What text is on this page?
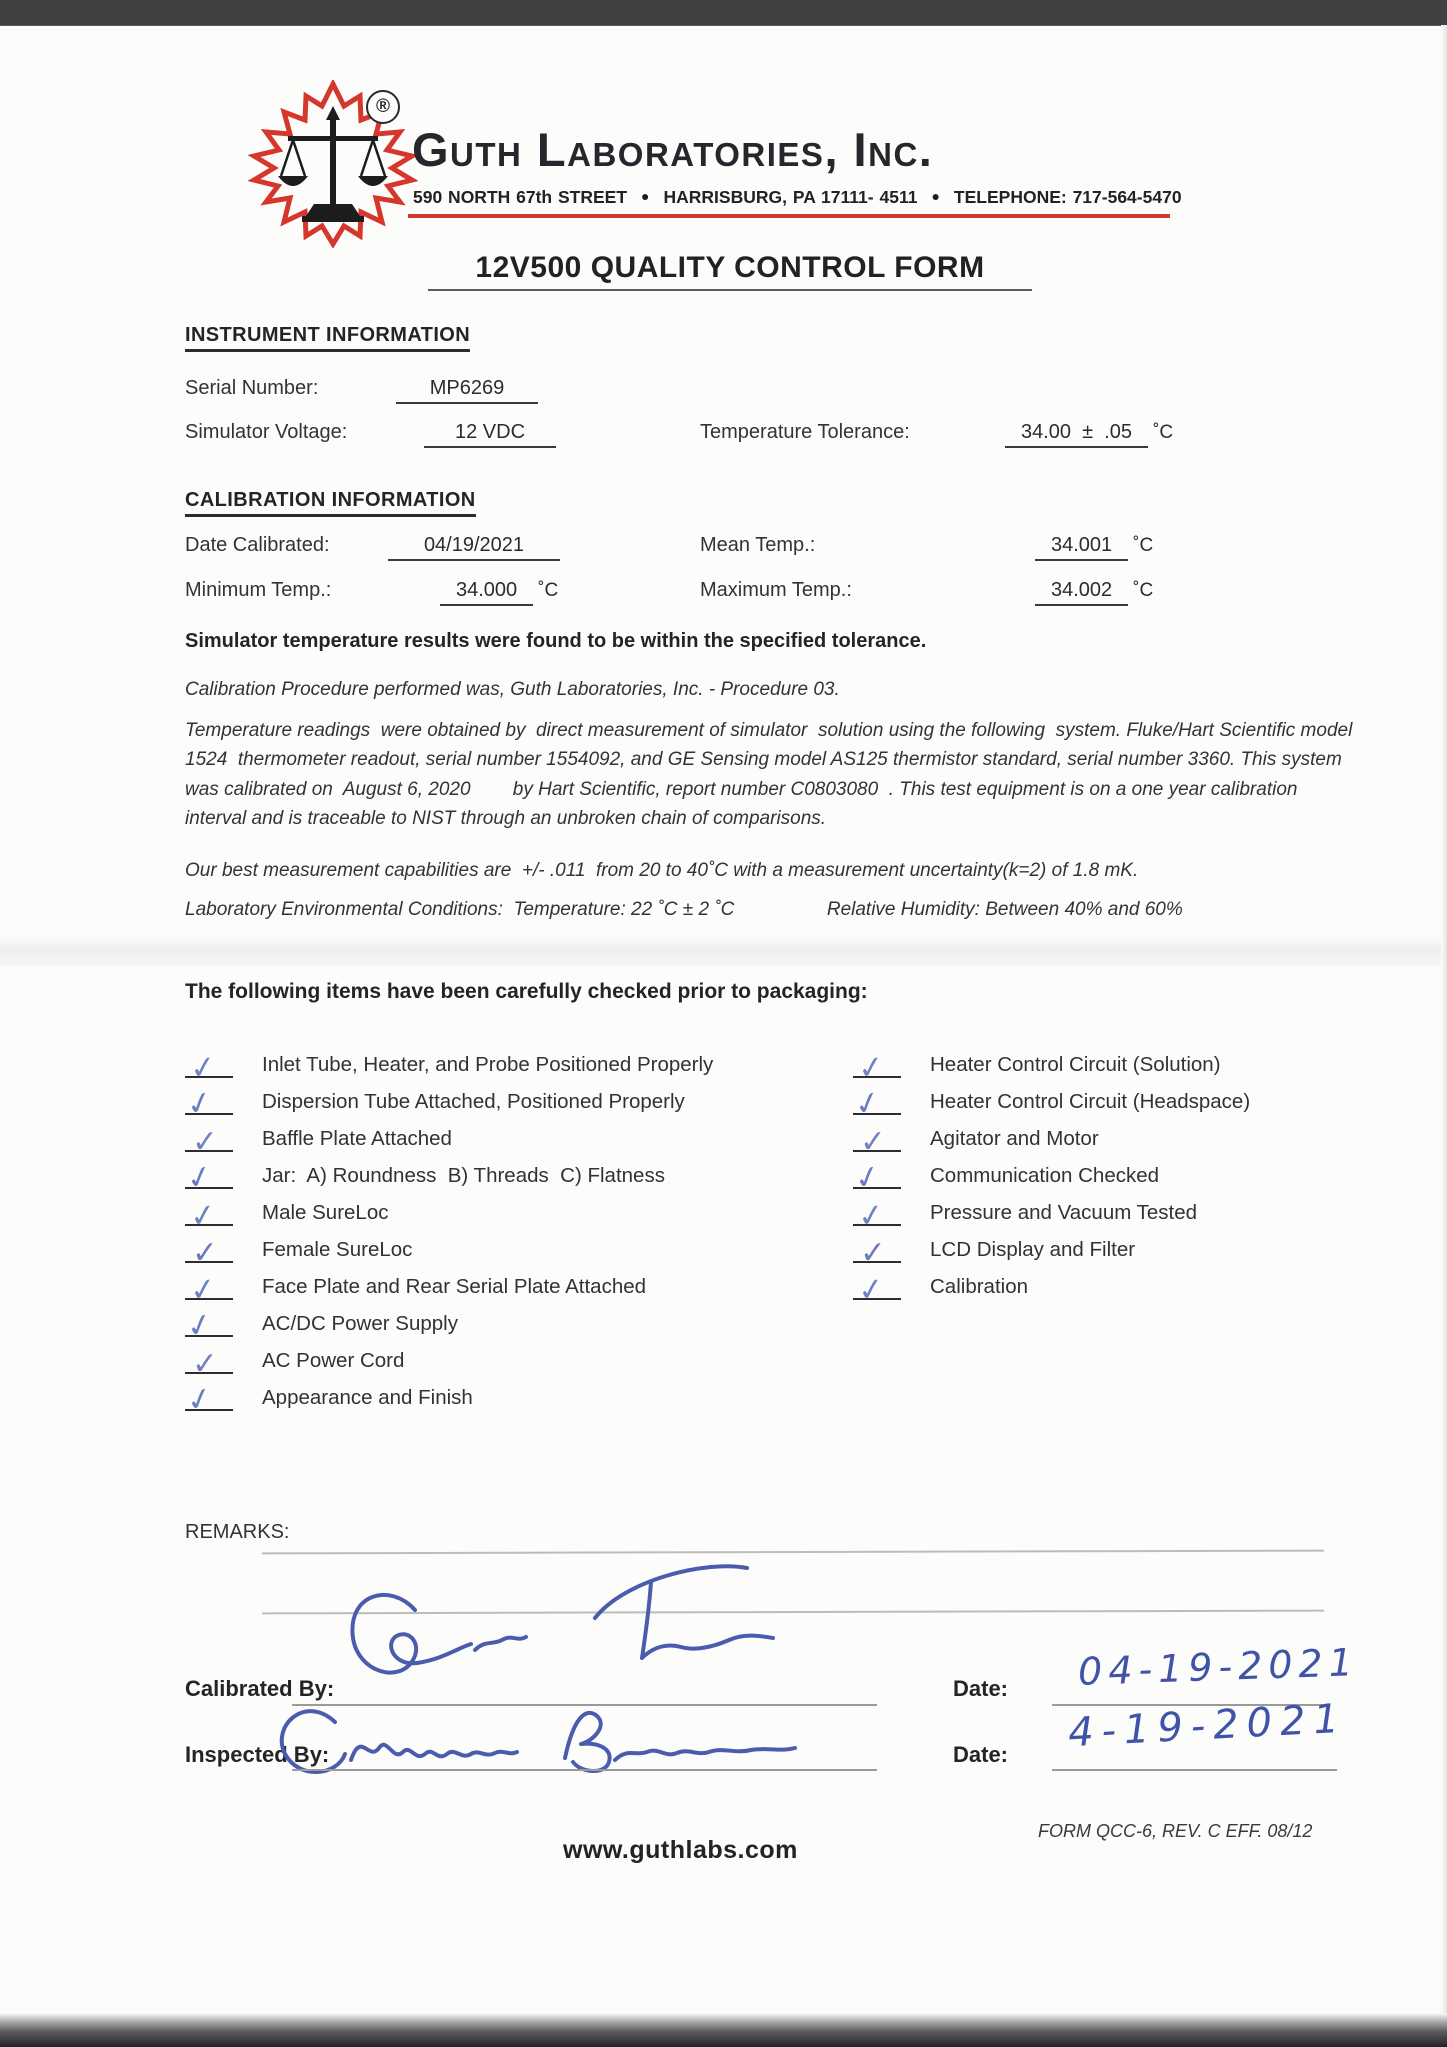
®
Guth Laboratories, Inc.
590 NORTH 67th STREET ● HARRISBURG, PA 17111- 4511 ● TELEPHONE: 717-564-5470
12V500 QUALITY CONTROL FORM
INSTRUMENT INFORMATION
Serial Number:	MP6269
Simulator Voltage:	12 VDC	Temperature Tolerance:	34.00  ±  .05 ˚C
CALIBRATION INFORMATION
Date Calibrated:	04/19/2021	Mean Temp.:	34.001 ˚C
Minimum Temp.:	34.000 ˚C	Maximum Temp.:	34.002 ˚C
Simulator temperature results were found to be within the specified tolerance.
Calibration Procedure performed was, Guth Laboratories, Inc. - Procedure 03.
Temperature readings  were obtained by  direct measurement of simulator  solution using the following  system. Fluke/Hart Scientific model 1524  thermometer readout, serial number 1554092, and GE Sensing model AS125 thermistor standard, serial number 3360. This system was calibrated on  August 6, 2020        by Hart Scientific, report number C0803080  . This test equipment is on a one year calibration interval and is traceable to NIST through an unbroken chain of comparisons.
Our best measurement capabilities are  +/- .011  from 20 to 40˚C with a measurement uncertainty(k=2) of 1.8 mK.
Laboratory Environmental Conditions:  Temperature: 22 ˚C ± 2 ˚C	Relative Humidity: Between 40% and 60%
The following items have been carefully checked prior to packaging:
✓ Inlet Tube, Heater, and Probe Positioned Properly
✓ Dispersion Tube Attached, Positioned Properly
✓ Baffle Plate Attached
✓ Jar:  A) Roundness  B) Threads  C) Flatness
✓ Male SureLoc
✓ Female SureLoc
✓ Face Plate and Rear Serial Plate Attached
✓ AC/DC Power Supply
✓ AC Power Cord
✓ Appearance and Finish
✓ Heater Control Circuit (Solution)
✓ Heater Control Circuit (Headspace)
✓ Agitator and Motor
✓ Communication Checked
✓ Pressure and Vacuum Tested
✓ LCD Display and Filter
✓ Calibration
REMARKS:
Calibrated By:	Date: 04-19-2021
Inspected By:	Date: 4-19-2021
www.guthlabs.com
FORM QCC-6, REV. C EFF. 08/12
